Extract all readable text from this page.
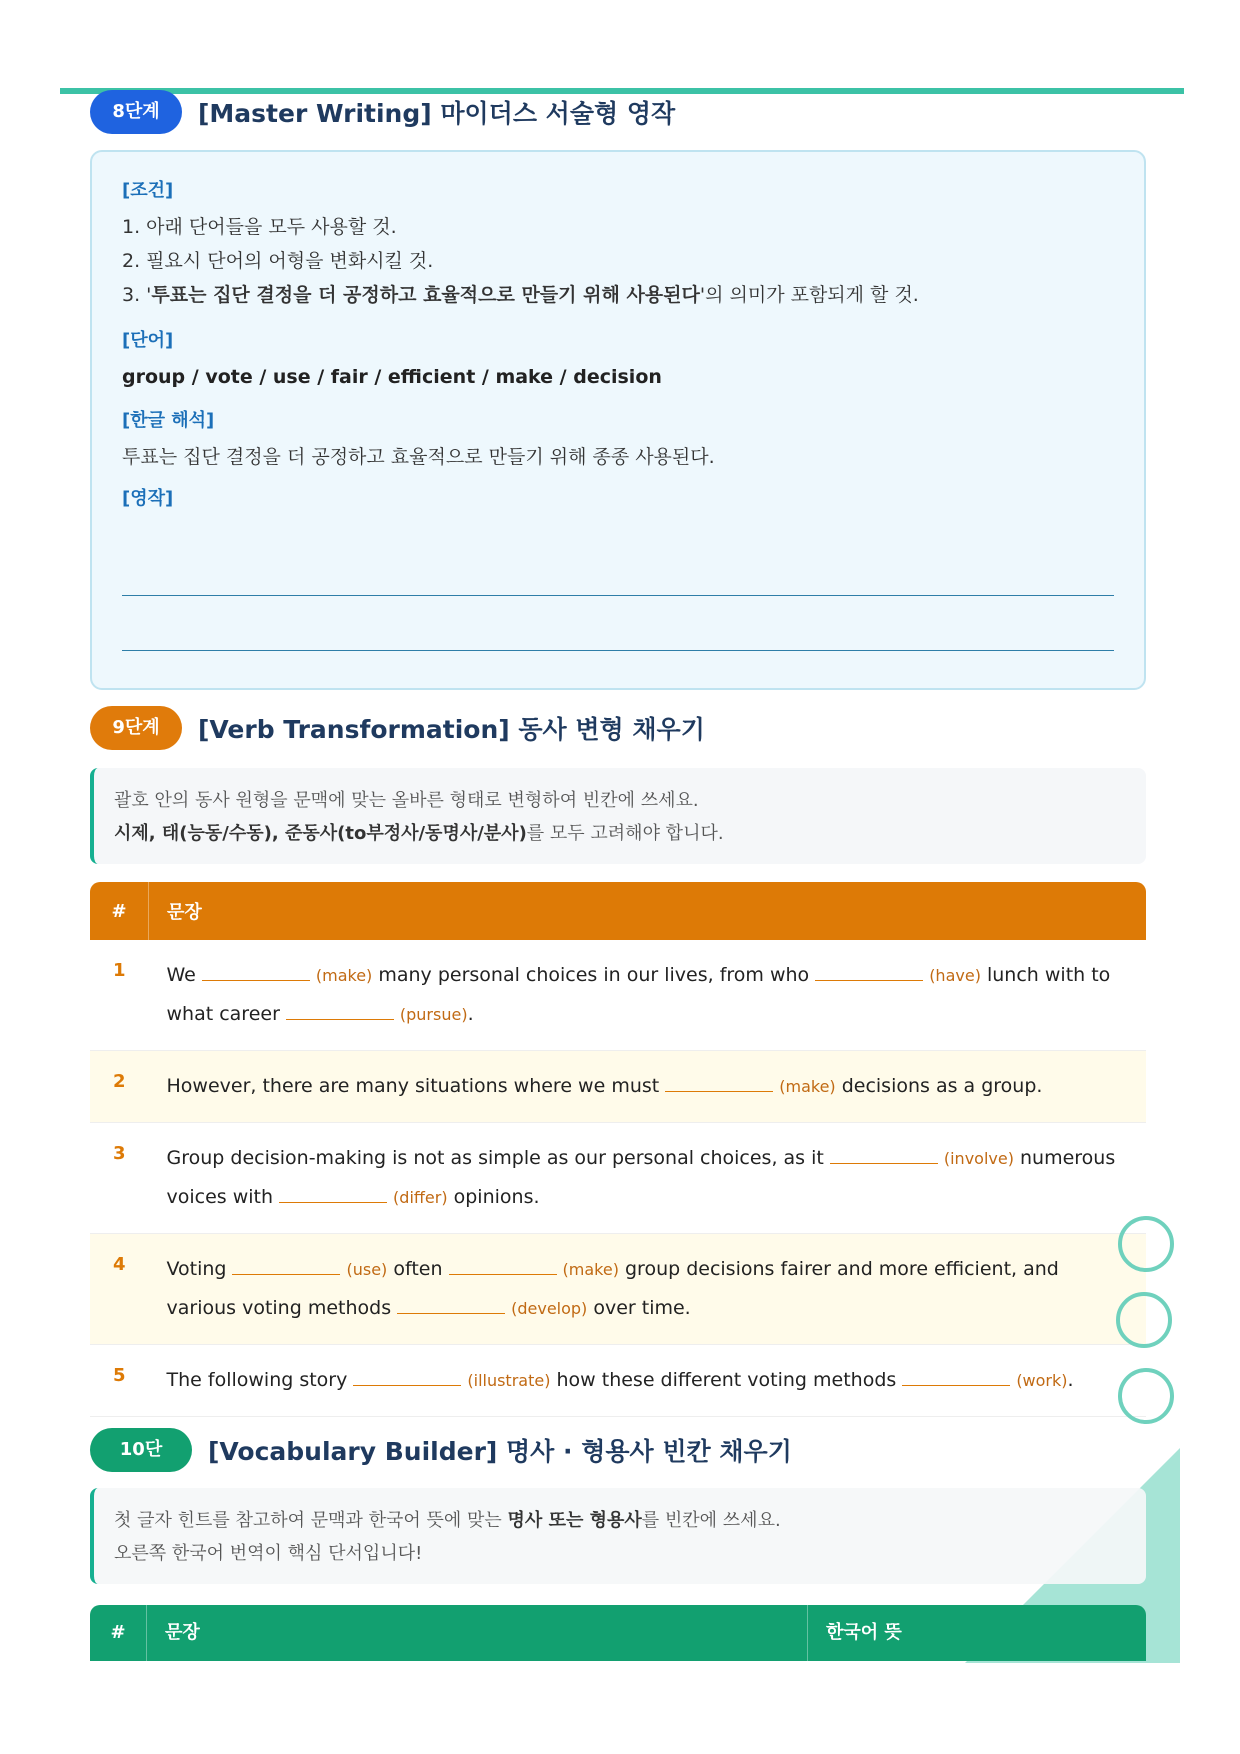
8단계	[Master Writing] 마이더스 서술형 영작
[조건]
1. 아래 단어들을 모두 사용할 것.
2. 필요시 단어의 어형을 변화시킬 것.
3. '투표는 집단 결정을 더 공정하고 효율적으로 만들기 위해 사용된다'의 의미가 포함되게 할 것.
[단어]
group / vote / use / fair / efficient / make / decision
[한글 해석]
투표는 집단 결정을 더 공정하고 효율적으로 만들기 위해 종종 사용된다.
[영작]
9단계	[Verb Transformation] 동사 변형 채우기
괄호 안의 동사 원형을 문맥에 맞는 올바른 형태로 변형하여 빈칸에 쓰세요.
시제, 태(능동/수동), 준동사(to부정사/동명사/분사)를 모두 고려해야 합니다.
#	문장
1	We (make) many personal choices in our lives, from who (have) lunch with to what career (pursue).
2	However, there are many situations where we must (make) decisions as a group.
3	Group decision-making is not as simple as our personal choices, as it (involve) numerous voices with (differ) opinions.
4	Voting (use) often (make) group decisions fairer and more efficient, and various voting methods (develop) over time.
5	The following story (illustrate) how these different voting methods (work).
10단	[Vocabulary Builder] 명사 · 형용사 빈칸 채우기
첫 글자 힌트를 참고하여 문맥과 한국어 뜻에 맞는 명사 또는 형용사를 빈칸에 쓰세요.
오른쪽 한국어 번역이 핵심 단서입니다!
#	문장	한국어 뜻
